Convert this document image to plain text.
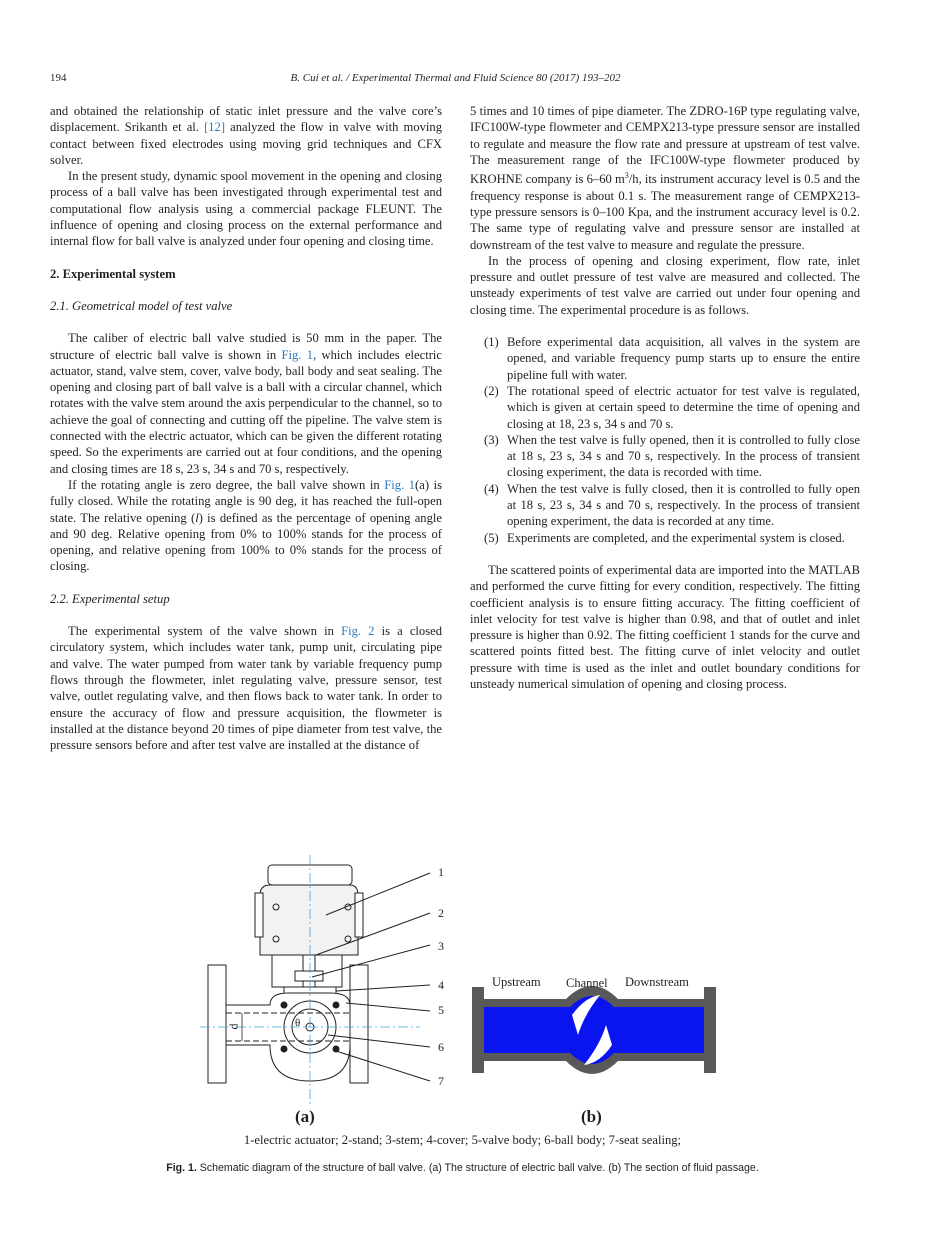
194	B. Cui et al. / Experimental Thermal and Fluid Science 80 (2017) 193–202

and obtained the relationship of static inlet pressure and the valve core’s displacement. Srikanth et al. [12] analyzed the flow in valve with moving contact between fixed electrodes using moving grid techniques and CFX solver.

In the present study, dynamic spool movement in the opening and closing process of a ball valve has been investigated through experimental test and computational flow analysis using a commercial package FLEUNT. The influence of opening and closing process on the external performance and internal flow for ball valve is analyzed under four opening and closing time.

2. Experimental system
2.1. Geometrical model of test valve

The caliber of electric ball valve studied is 50 mm in the paper. The structure of electric ball valve is shown in Fig. 1, which includes electric actuator, stand, valve stem, cover, valve body, ball body and seat sealing. The opening and closing part of ball valve is a ball with a circular channel, which rotates with the valve stem around the axis perpendicular to the channel, so to achieve the goal of connecting and cutting off the pipeline. The valve stem is connected with the electric actuator, which can be given the different rotating speed. So the experiments are carried out at four conditions, and the opening and closing times are 18 s, 23 s, 34 s and 70 s, respectively.

If the rotating angle is zero degree, the ball valve shown in Fig. 1(a) is fully closed. While the rotating angle is 90 deg, it has reached the full-open state. The relative opening (l) is defined as the percentage of opening angle and 90 deg. Relative opening from 0% to 100% stands for the process of opening, and relative opening from 100% to 0% stands for the process of closing.

2.2. Experimental setup

The experimental system of the valve shown in Fig. 2 is a closed circulatory system, which includes water tank, pump unit, circulating pipe and valve. The water pumped from water tank by variable frequency pump flows through the flowmeter, inlet regulating valve, pressure sensor, test valve, outlet regulating valve, and then flows back to water tank. In order to ensure the accuracy of flow and pressure acquisition, the flowmeter is installed at the distance beyond 20 times of pipe diameter from test valve, the pressure sensors before and after test valve are installed at the distance of

5 times and 10 times of pipe diameter. The ZDRO-16P type regulating valve, IFC100W-type flowmeter and CEMPX213-type pressure sensor are installed to regulate and measure the flow rate and pressure at upstream of test valve. The measurement range of the IFC100W-type flowmeter produced by KROHNE company is 6–60 $m^3/h$, its instrument accuracy level is 0.5 and the frequency response is about 0.1 s. The measurement range of CEMPX213-type pressure sensors is 0–100 Kpa, and the instrument accuracy level is 0.2. The same type of regulating valve and pressure sensor are installed at downstream of the test valve to measure and regulate the pressure.

In the process of opening and closing experiment, flow rate, inlet pressure and outlet pressure of test valve are measured and collected. The unsteady experiments of test valve are carried out under four opening and closing time. The experimental procedure is as follows.

(1) Before experimental data acquisition, all valves in the system are opened, and variable frequency pump starts up to ensure the entire pipeline full with water.
(2) The rotational speed of electric actuator for test valve is regulated, which is given at certain speed to determine the time of opening and closing at 18, 23 s, 34 s and 70 s.
(3) When the test valve is fully opened, then it is controlled to fully close at 18 s, 23 s, 34 s and 70 s, respectively. In the process of transient closing experiment, the data is recorded with time.
(4) When the test valve is fully closed, then it is controlled to fully open at 18 s, 23 s, 34 s and 70 s, respectively. In the process of transient opening experiment, the data is recorded at any time.
(5) Experiments are completed, and the experimental system is closed.

The scattered points of experimental data are imported into the MATLAB and performed the curve fitting for every condition, respectively. The fitting coefficient analysis is to ensure fitting accuracy. The fitting coefficient of inlet velocity for test valve is higher than 0.98, and that of outlet and inlet pressure is higher than 0.92. The fitting coefficient 1 stands for the curve and scattered points fitted best. The fitting curve of inlet velocity and outlet pressure with time is used as the inlet and outlet boundary conditions for unsteady numerical simulation of opening and closing process.

1
2
3
4
5
6
7
d	θ
Upstream Channel Downstream
(a)	(b)
1-electric actuator; 2-stand; 3-stem; 4-cover; 5-valve body; 6-ball body; 7-seat sealing;
Fig. 1. Schematic diagram of the structure of ball valve. (a) The structure of electric ball valve. (b) The section of fluid passage.
